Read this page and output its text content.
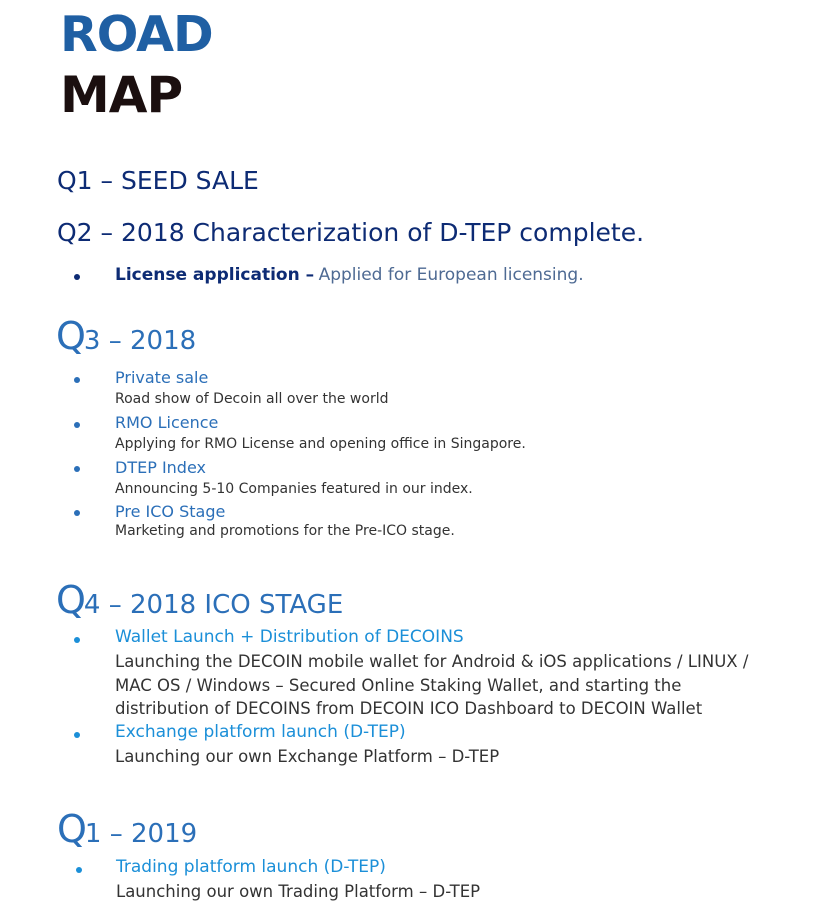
ROAD
MAP
Q1 – SEED SALE
Q2 – 2018 Characterization of D-TEP complete.
License application – Applied for European licensing.
Q3 – 2018
Private sale
Road show of Decoin all over the world
RMO Licence
Applying for RMO License and opening office in Singapore.
DTEP Index
Announcing 5-10 Companies featured in our index.
Pre ICO Stage
Marketing and promotions for the Pre-ICO stage.
Q4 – 2018 ICO STAGE
Wallet Launch + Distribution of DECOINS
Launching the DECOIN mobile wallet for Android & iOS applications / LINUX /
MAC OS / Windows – Secured Online Staking Wallet, and starting the
distribution of DECOINS from DECOIN ICO Dashboard to DECOIN Wallet
Exchange platform launch (D-TEP)
Launching our own Exchange Platform – D-TEP
Q1 – 2019
Trading platform launch (D-TEP)
Launching our own Trading Platform – D-TEP
